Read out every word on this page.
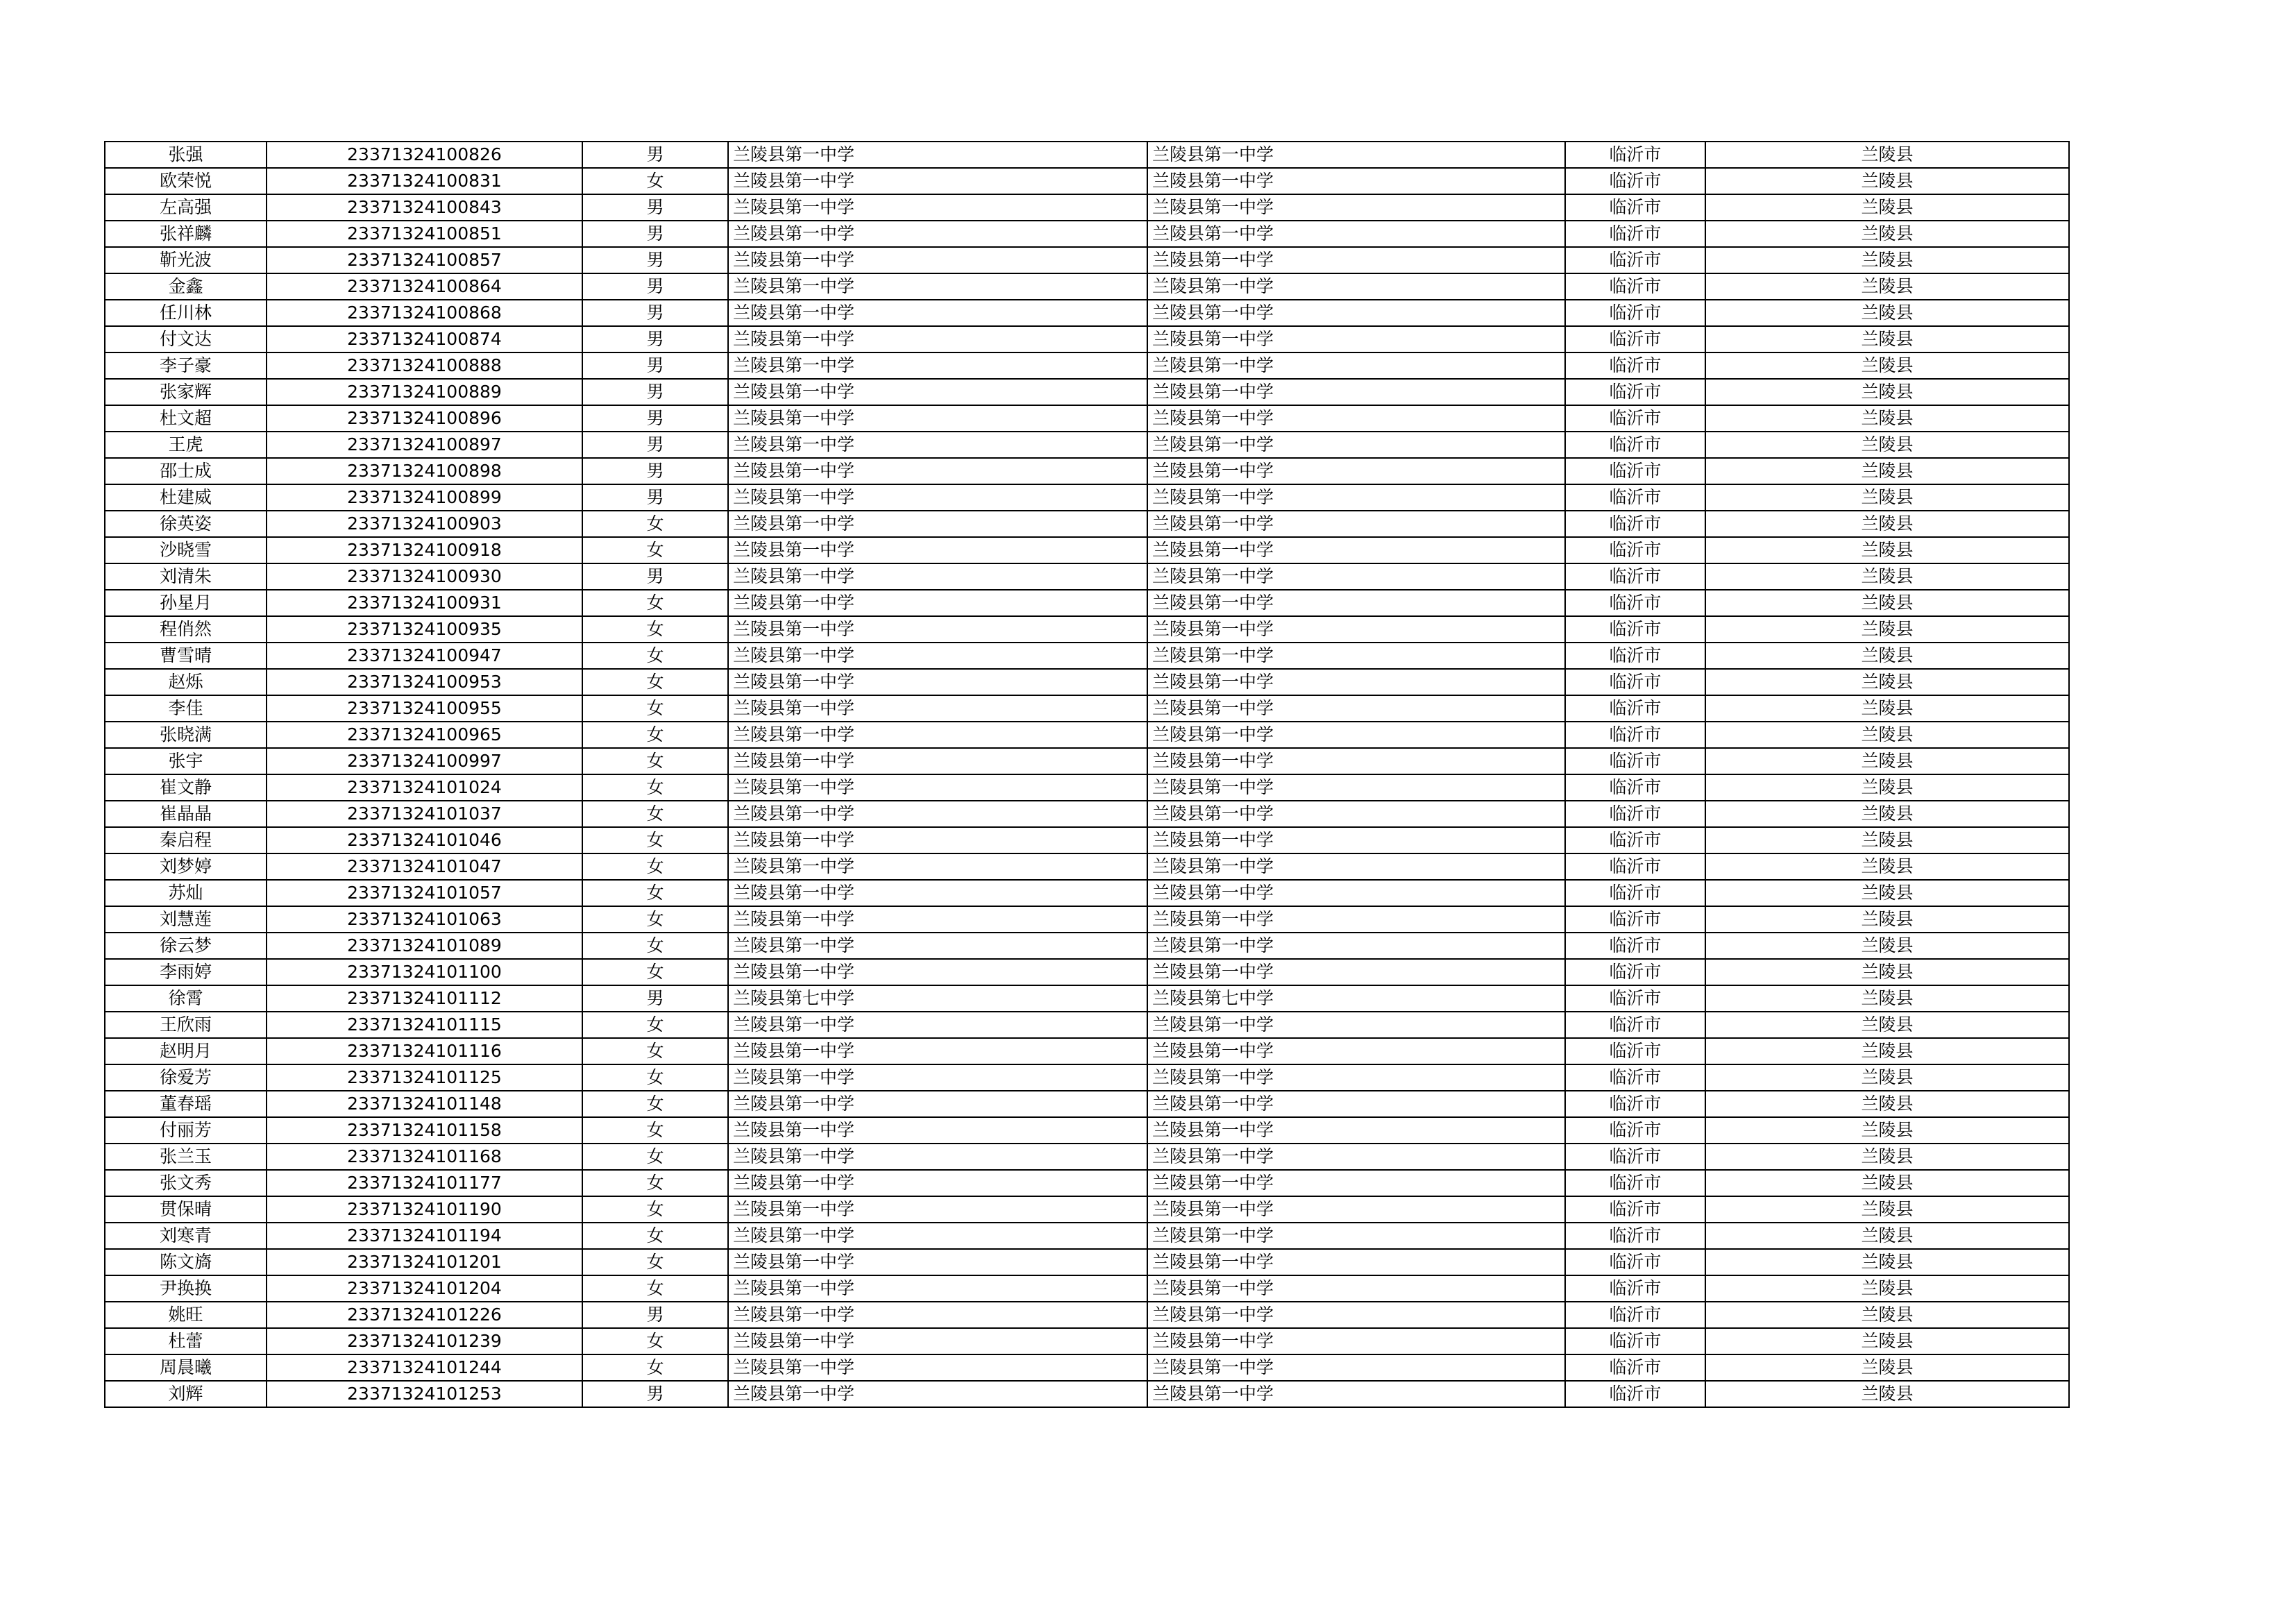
张强	23371324100826	男	兰陵县第一中学	兰陵县第一中学	临沂市	兰陵县
欧荣悦	23371324100831	女	兰陵县第一中学	兰陵县第一中学	临沂市	兰陵县
左高强	23371324100843	男	兰陵县第一中学	兰陵县第一中学	临沂市	兰陵县
张祥麟	23371324100851	男	兰陵县第一中学	兰陵县第一中学	临沂市	兰陵县
靳光波	23371324100857	男	兰陵县第一中学	兰陵县第一中学	临沂市	兰陵县
金鑫	23371324100864	男	兰陵县第一中学	兰陵县第一中学	临沂市	兰陵县
任川林	23371324100868	男	兰陵县第一中学	兰陵县第一中学	临沂市	兰陵县
付文达	23371324100874	男	兰陵县第一中学	兰陵县第一中学	临沂市	兰陵县
李子豪	23371324100888	男	兰陵县第一中学	兰陵县第一中学	临沂市	兰陵县
张家辉	23371324100889	男	兰陵县第一中学	兰陵县第一中学	临沂市	兰陵县
杜文超	23371324100896	男	兰陵县第一中学	兰陵县第一中学	临沂市	兰陵县
王虎	23371324100897	男	兰陵县第一中学	兰陵县第一中学	临沂市	兰陵县
邵士成	23371324100898	男	兰陵县第一中学	兰陵县第一中学	临沂市	兰陵县
杜建威	23371324100899	男	兰陵县第一中学	兰陵县第一中学	临沂市	兰陵县
徐英姿	23371324100903	女	兰陵县第一中学	兰陵县第一中学	临沂市	兰陵县
沙晓雪	23371324100918	女	兰陵县第一中学	兰陵县第一中学	临沂市	兰陵县
刘清朱	23371324100930	男	兰陵县第一中学	兰陵县第一中学	临沂市	兰陵县
孙星月	23371324100931	女	兰陵县第一中学	兰陵县第一中学	临沂市	兰陵县
程俏然	23371324100935	女	兰陵县第一中学	兰陵县第一中学	临沂市	兰陵县
曹雪晴	23371324100947	女	兰陵县第一中学	兰陵县第一中学	临沂市	兰陵县
赵烁	23371324100953	女	兰陵县第一中学	兰陵县第一中学	临沂市	兰陵县
李佳	23371324100955	女	兰陵县第一中学	兰陵县第一中学	临沂市	兰陵县
张晓满	23371324100965	女	兰陵县第一中学	兰陵县第一中学	临沂市	兰陵县
张宇	23371324100997	女	兰陵县第一中学	兰陵县第一中学	临沂市	兰陵县
崔文静	23371324101024	女	兰陵县第一中学	兰陵县第一中学	临沂市	兰陵县
崔晶晶	23371324101037	女	兰陵县第一中学	兰陵县第一中学	临沂市	兰陵县
秦启程	23371324101046	女	兰陵县第一中学	兰陵县第一中学	临沂市	兰陵县
刘梦婷	23371324101047	女	兰陵县第一中学	兰陵县第一中学	临沂市	兰陵县
苏灿	23371324101057	女	兰陵县第一中学	兰陵县第一中学	临沂市	兰陵县
刘慧莲	23371324101063	女	兰陵县第一中学	兰陵县第一中学	临沂市	兰陵县
徐云梦	23371324101089	女	兰陵县第一中学	兰陵县第一中学	临沂市	兰陵县
李雨婷	23371324101100	女	兰陵县第一中学	兰陵县第一中学	临沂市	兰陵县
徐霄	23371324101112	男	兰陵县第七中学	兰陵县第七中学	临沂市	兰陵县
王欣雨	23371324101115	女	兰陵县第一中学	兰陵县第一中学	临沂市	兰陵县
赵明月	23371324101116	女	兰陵县第一中学	兰陵县第一中学	临沂市	兰陵县
徐爱芳	23371324101125	女	兰陵县第一中学	兰陵县第一中学	临沂市	兰陵县
董春瑶	23371324101148	女	兰陵县第一中学	兰陵县第一中学	临沂市	兰陵县
付丽芳	23371324101158	女	兰陵县第一中学	兰陵县第一中学	临沂市	兰陵县
张兰玉	23371324101168	女	兰陵县第一中学	兰陵县第一中学	临沂市	兰陵县
张文秀	23371324101177	女	兰陵县第一中学	兰陵县第一中学	临沂市	兰陵县
贯保晴	23371324101190	女	兰陵县第一中学	兰陵县第一中学	临沂市	兰陵县
刘寒青	23371324101194	女	兰陵县第一中学	兰陵县第一中学	临沂市	兰陵县
陈文旖	23371324101201	女	兰陵县第一中学	兰陵县第一中学	临沂市	兰陵县
尹换换	23371324101204	女	兰陵县第一中学	兰陵县第一中学	临沂市	兰陵县
姚旺	23371324101226	男	兰陵县第一中学	兰陵县第一中学	临沂市	兰陵县
杜蕾	23371324101239	女	兰陵县第一中学	兰陵县第一中学	临沂市	兰陵县
周晨曦	23371324101244	女	兰陵县第一中学	兰陵县第一中学	临沂市	兰陵县
刘辉	23371324101253	男	兰陵县第一中学	兰陵县第一中学	临沂市	兰陵县
